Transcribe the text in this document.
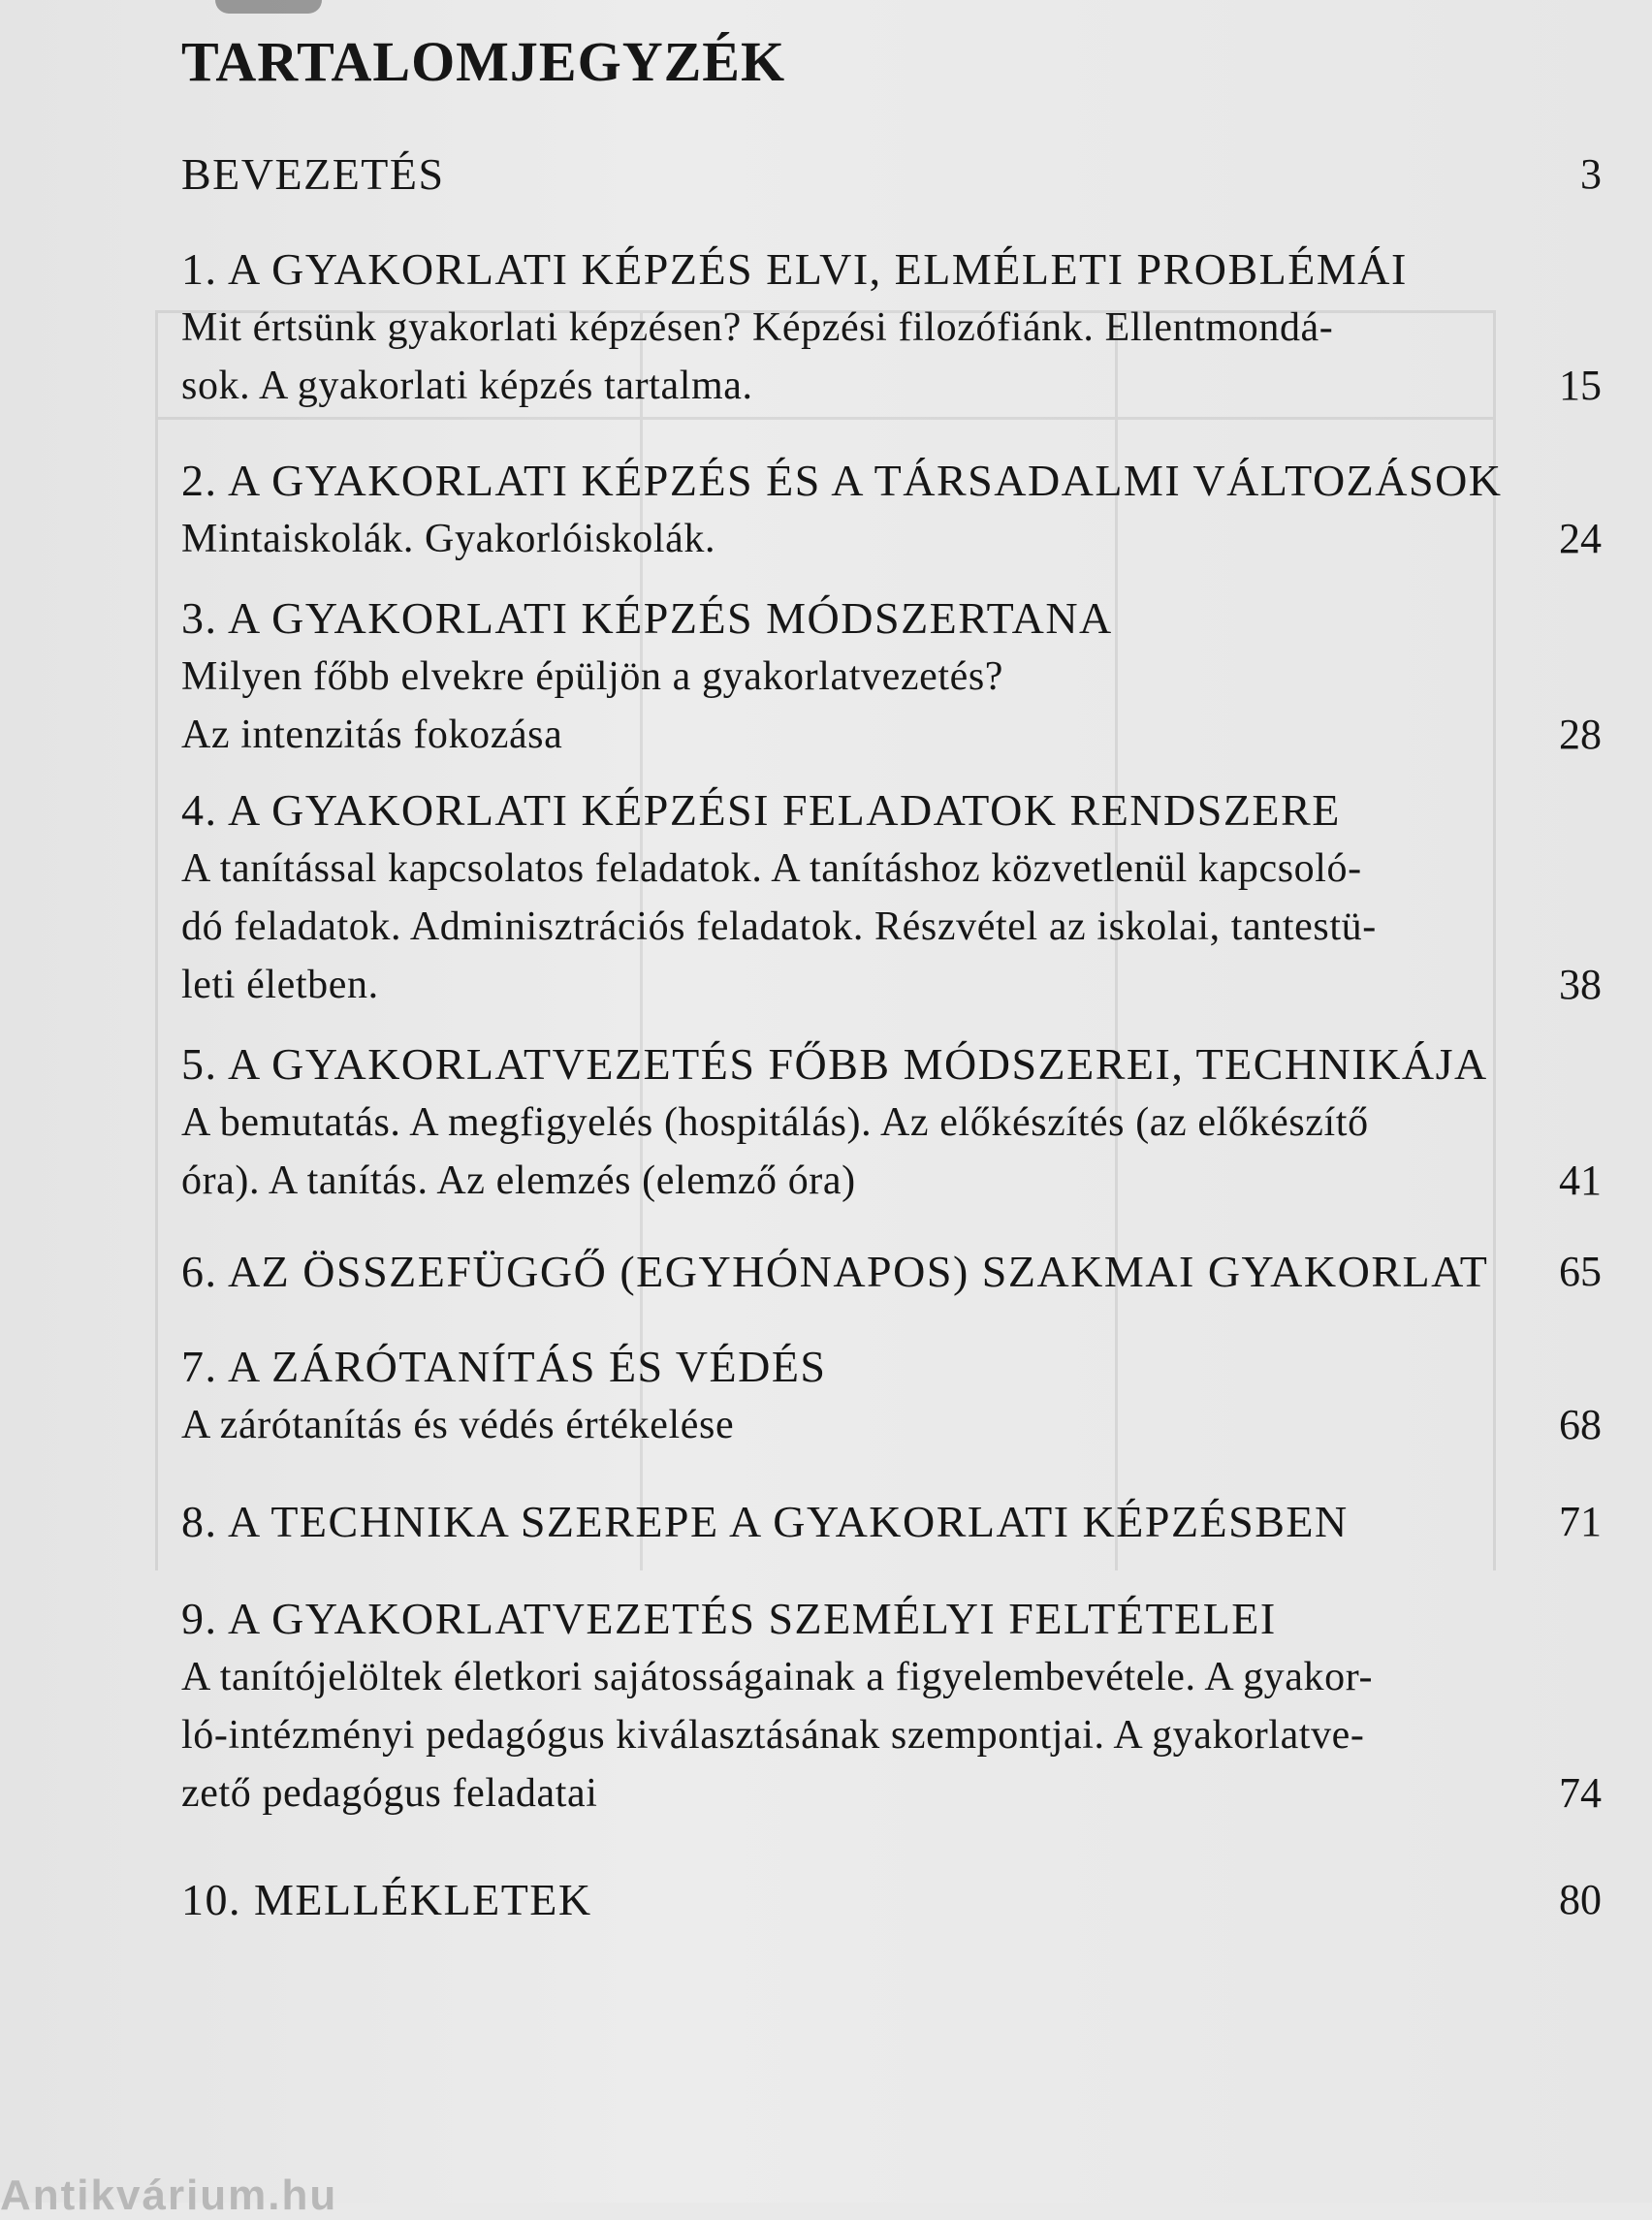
TARTALOMJEGYZÉK
BEVEZETÉS	3
1. A GYAKORLATI KÉPZÉS ELVI, ELMÉLETI PROBLÉMÁI
Mit értsünk gyakorlati képzésen? Képzési filozófiánk. Ellentmondá-
sok. A gyakorlati képzés tartalma.	15
2. A GYAKORLATI KÉPZÉS ÉS A TÁRSADALMI VÁLTOZÁSOK
Mintaiskolák. Gyakorlóiskolák.	24
3. A GYAKORLATI KÉPZÉS MÓDSZERTANA
Milyen főbb elvekre épüljön a gyakorlatvezetés?
Az intenzitás fokozása	28
4. A GYAKORLATI KÉPZÉSI FELADATOK RENDSZERE
A tanítással kapcsolatos feladatok. A tanításhoz közvetlenül kapcsoló-
dó feladatok. Adminisztrációs feladatok. Részvétel az iskolai, tantestü-
leti életben.	38
5. A GYAKORLATVEZETÉS FŐBB MÓDSZEREI, TECHNIKÁJA
A bemutatás. A megfigyelés (hospitálás). Az előkészítés (az előkészítő
óra). A tanítás. Az elemzés (elemző óra)	41
6. AZ ÖSSZEFÜGGŐ (EGYHÓNAPOS) SZAKMAI GYAKORLAT	65
7. A ZÁRÓTANÍTÁS ÉS VÉDÉS
A zárótanítás és védés értékelése	68
8. A TECHNIKA SZEREPE A GYAKORLATI KÉPZÉSBEN	71
9. A GYAKORLATVEZETÉS SZEMÉLYI FELTÉTELEI
A tanítójelöltek életkori sajátosságainak a figyelembevétele. A gyakor-
ló-intézményi pedagógus kiválasztásának szempontjai. A gyakorlatve-
zető pedagógus feladatai	74
10. MELLÉKLETEK	80
Antikvárium.hu
